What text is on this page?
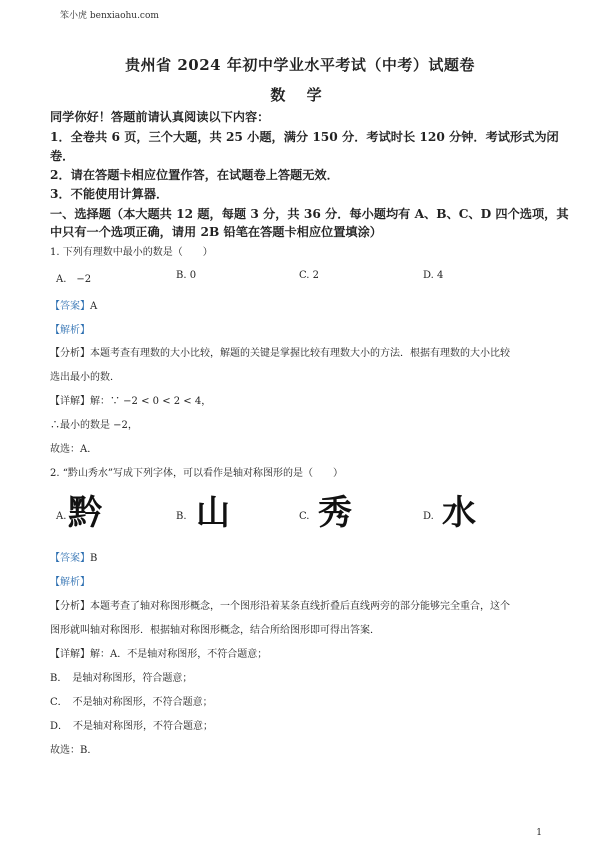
笨小虎 benxiaohu.com
贵州省 2024 年初中学业水平考试（中考）试题卷
数 学
同学你好！答题前请认真阅读以下内容：
1．全卷共 6 页，三个大题，共 25 小题，满分 150 分．考试时长 120 分钟．考试形式为闭
卷．
2．请在答题卡相应位置作答，在试题卷上答题无效．
3．不能使用计算器．
一、选择题（本大题共 12 题，每题 3 分，共 36 分．每小题均有 A、B、C、D 四个选项，其
中只有一个选项正确，请用 2B 铅笔在答题卡相应位置填涂）
1. 下列有理数中最小的数是（　　）
A.　−2	B. 0	C. 2	D. 4
【答案】A
【解析】
【分析】本题考查有理数的大小比较，解题的关键是掌握比较有理数大小的方法．根据有理数的大小比较
选出最小的数．
【详解】解：∵ −2 < 0 < 2 < 4，
∴最小的数是 −2，
故选：A．
2. “黔山秀水”写成下列字体，可以看作是轴对称图形的是（　　）
A. 黔	B. 山	C. 秀	D. 水
【答案】B
【解析】
【分析】本题考查了轴对称图形概念，一个图形沿着某条直线折叠后直线两旁的部分能够完全重合，这个
图形就叫轴对称图形．根据轴对称图形概念，结合所给图形即可得出答案．
【详解】解：A．不是轴对称图形，不符合题意；
B．　是轴对称图形，符合题意；
C．　不是轴对称图形，不符合题意；
D．　不是轴对称图形，不符合题意；
故选：B．
1
